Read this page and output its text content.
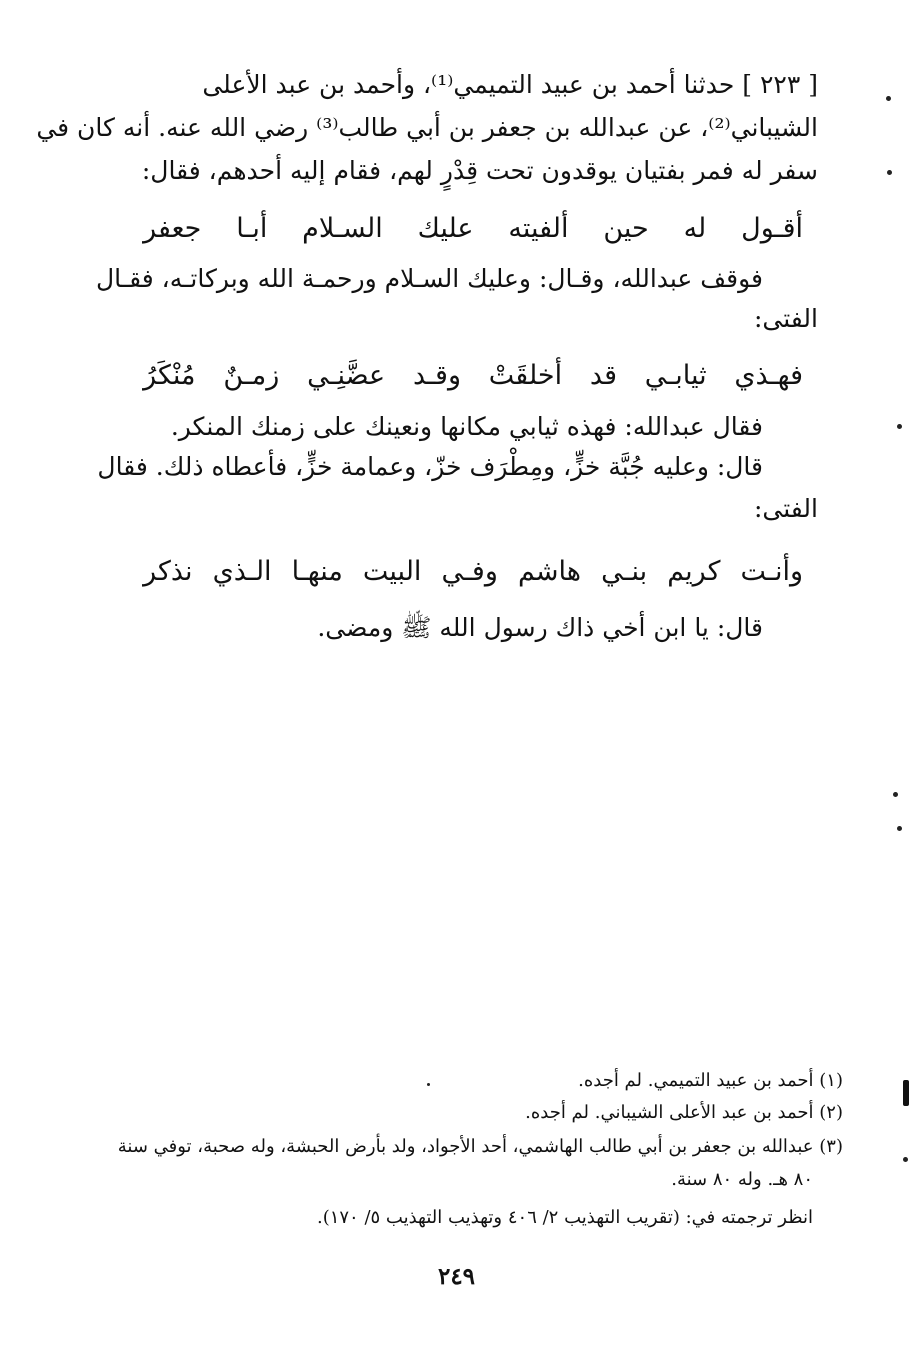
[ ٢٢٣ ] حدثنا أحمد بن عبيد التميمي⁽¹⁾، وأحمد بن عبد الأعلى
الشيباني⁽²⁾، عن عبدالله بن جعفر بن أبي طالب⁽³⁾ رضي الله عنه. أنه كان في
سفر له فمر بفتيان يوقدون تحت قِدْرٍ لهم، فقام إليه أحدهم، فقال:
أقـول
له
حين
ألفيته
عليك
السـلام
أبـا
جعفر
فوقف عبدالله، وقـال: وعليك السـلام ورحمـة الله وبركاتـه، فقـال
الفتى:
فهـذي
ثيابـي
قد
أخلقَتْ
وقـد
عضَّنِـي
زمـنٌ
مُنْكَرُ
فقال عبدالله: فهذه ثيابي مكانها ونعينك على زمنك المنكر.
قال: وعليه جُبَّة خزٍّ، ومِطْرَف خزّ، وعمامة خزٍّ، فأعطاه ذلك. فقال
الفتى:
وأنـت
كريم
بنـي
هاشم
وفـي
البيت
منهـا
الـذي
نذكر
قال: يا ابن أخي ذاك رسول الله ﷺ ومضى.
(١) أحمد بن عبيد التميمي. لم أجده.
(٢) أحمد بن عبد الأعلى الشيباني. لم أجده.
(٣) عبدالله بن جعفر بن أبي طالب الهاشمي، أحد الأجواد، ولد بأرض الحبشة، وله صحبة، توفي سنة
٨٠ هـ. وله ٨٠ سنة.
انظر ترجمته في: (تقريب التهذيب ٢/ ٤٠٦ وتهذيب التهذيب ٥/ ١٧٠).
٢٤٩
